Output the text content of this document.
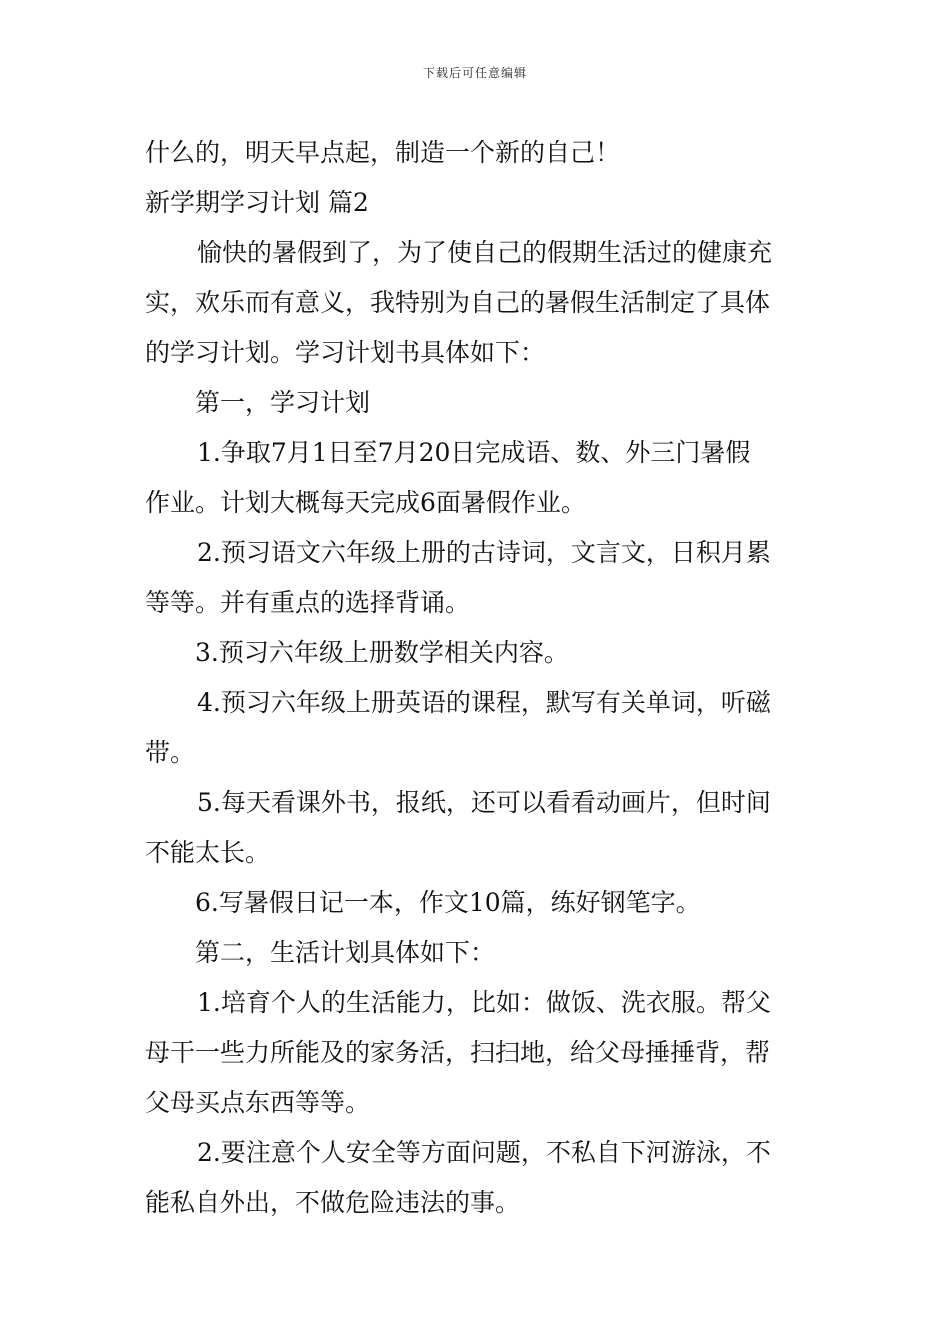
下载后可任意编辑

什么的，明天早点起，制造一个新的自己！

新学期学习计划 篇2

愉快的暑假到了，为了使自己的假期生活过的健康充

实，欢乐而有意义，我特别为自己的暑假生活制定了具体

的学习计划。学习计划书具体如下：

第一，学习计划

1.争取7月1日至7月20日完成语、数、外三门暑假

作业。计划大概每天完成6面暑假作业。

2.预习语文六年级上册的古诗词，文言文，日积月累

等等。并有重点的选择背诵。

3.预习六年级上册数学相关内容。

4.预习六年级上册英语的课程，默写有关单词，听磁

带。

5.每天看课外书，报纸，还可以看看动画片，但时间

不能太长。

6.写暑假日记一本，作文10篇，练好钢笔字。

第二，生活计划具体如下：

1.培育个人的生活能力，比如：做饭、洗衣服。帮父

母干一些力所能及的家务活，扫扫地，给父母捶捶背，帮

父母买点东西等等。

2.要注意个人安全等方面问题，不私自下河游泳，不

能私自外出，不做危险违法的事。
